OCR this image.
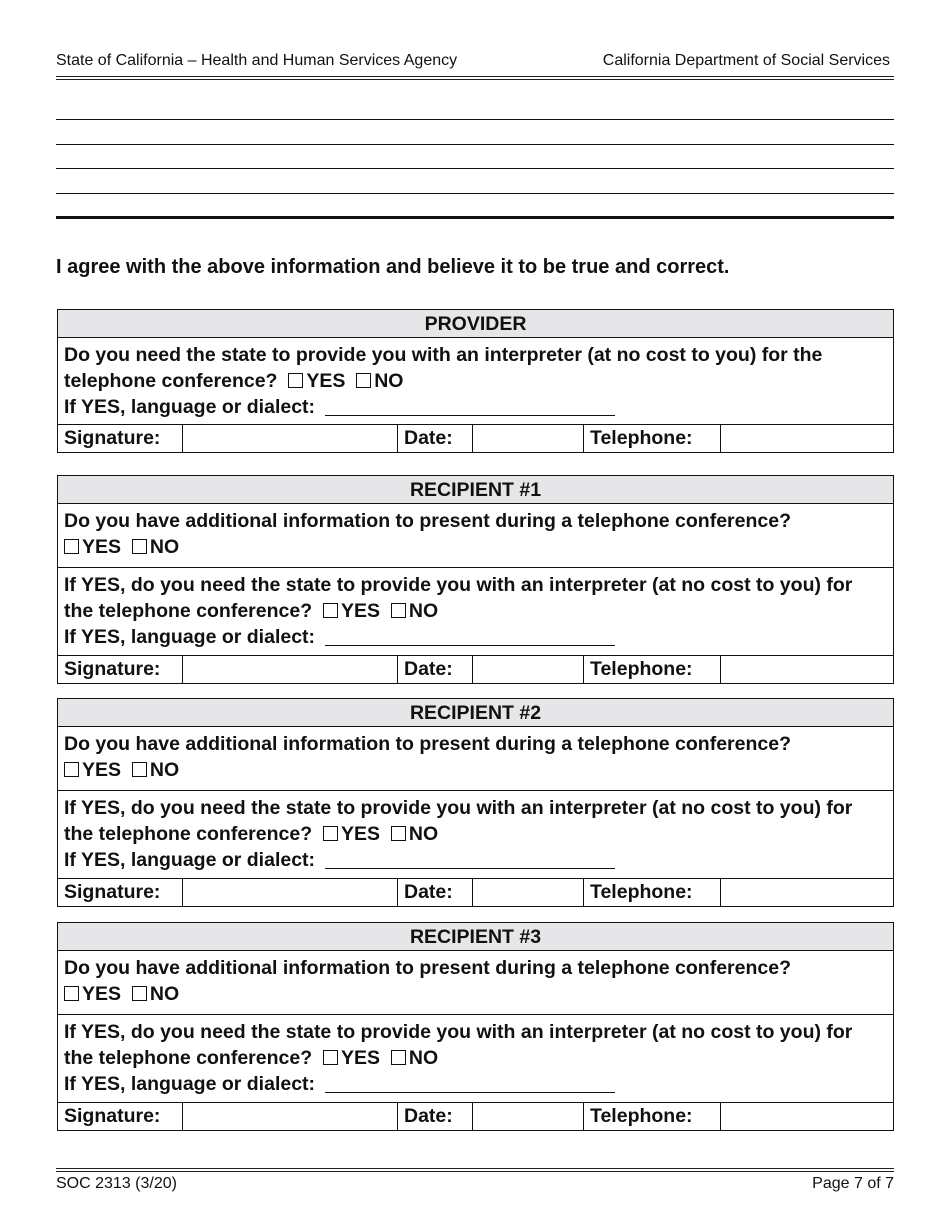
State of California – Health and Human Services Agency	California Department of Social Services
I agree with the above information and believe it to be true and correct.
PROVIDER
Do you need the state to provide you with an interpreter (at no cost to you) for the telephone conference? YES NO
If YES, language or dialect:
Signature:	Date:	Telephone:
RECIPIENT #1
Do you have additional information to present during a telephone conference?
YES NO
If YES, do you need the state to provide you with an interpreter (at no cost to you) for the telephone conference? YES NO
If YES, language or dialect:
Signature:	Date:	Telephone:
RECIPIENT #2
Do you have additional information to present during a telephone conference?
YES NO
If YES, do you need the state to provide you with an interpreter (at no cost to you) for the telephone conference? YES NO
If YES, language or dialect:
Signature:	Date:	Telephone:
RECIPIENT #3
Do you have additional information to present during a telephone conference?
YES NO
If YES, do you need the state to provide you with an interpreter (at no cost to you) for the telephone conference? YES NO
If YES, language or dialect:
Signature:	Date:	Telephone:
SOC 2313 (3/20)	Page 7 of 7
